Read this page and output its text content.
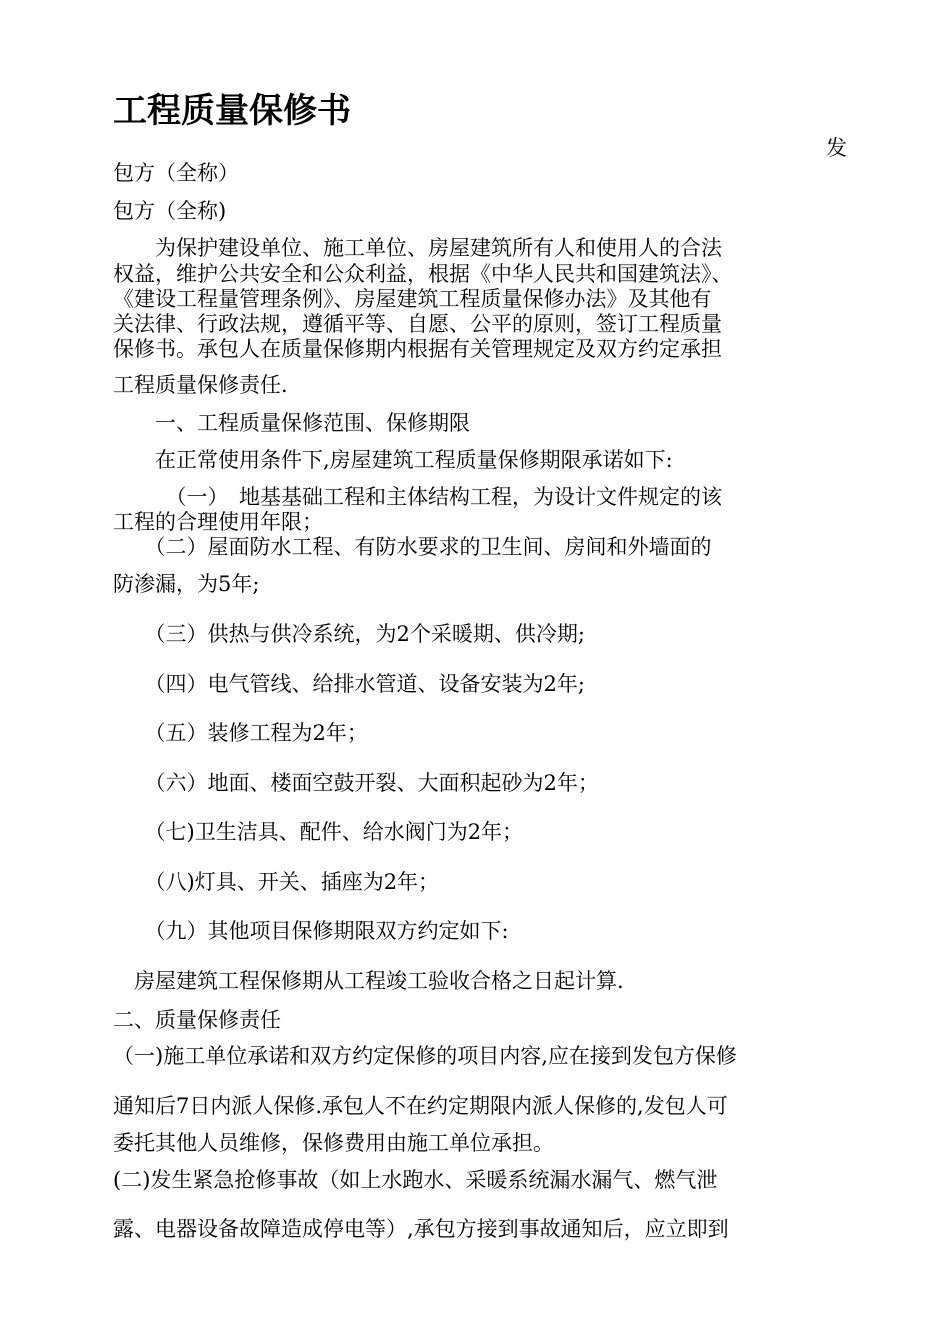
工程质量保修书
发
包方（全称）
包方（全称)
　　为保护建设单位、施工单位、房屋建筑所有人和使用人的合法
权益，维护公共安全和公众利益，根据《中华人民共和国建筑法》、
《建设工程量管理条例》、房屋建筑工程质量保修办法》及其他有
关法律、行政法规，遵循平等、自愿、公平的原则，签订工程质量
保修书。承包人在质量保修期内根据有关管理规定及双方约定承担
工程质量保修责任.
　　一、工程质量保修范围、保修期限
　　在正常使用条件下,房屋建筑工程质量保修期限承诺如下:
　　　（一）　地基基础工程和主体结构工程，为设计文件规定的该
工程的合理使用年限；
　　（二）屋面防水工程、有防水要求的卫生间、房间和外墙面的
防渗漏，为5年;
　　（三）供热与供冷系统，为2个采暖期、供冷期;
　　（四）电气管线、给排水管道、设备安装为2年;
　　（五）装修工程为2年；
　　（六）地面、楼面空鼓开裂、大面积起砂为2年；
　　（七)卫生洁具、配件、给水阀门为2年；
　　（八)灯具、开关、插座为2年；
　　（九）其他项目保修期限双方约定如下:
　房屋建筑工程保修期从工程竣工验收合格之日起计算.
二、质量保修责任
（一)施工单位承诺和双方约定保修的项目内容,应在接到发包方保修
通知后7日内派人保修.承包人不在约定期限内派人保修的,发包人可
委托其他人员维修，保修费用由施工单位承担。
(二)发生紧急抢修事故（如上水跑水、采暖系统漏水漏气、燃气泄
露、电器设备故障造成停电等）,承包方接到事故通知后，应立即到
